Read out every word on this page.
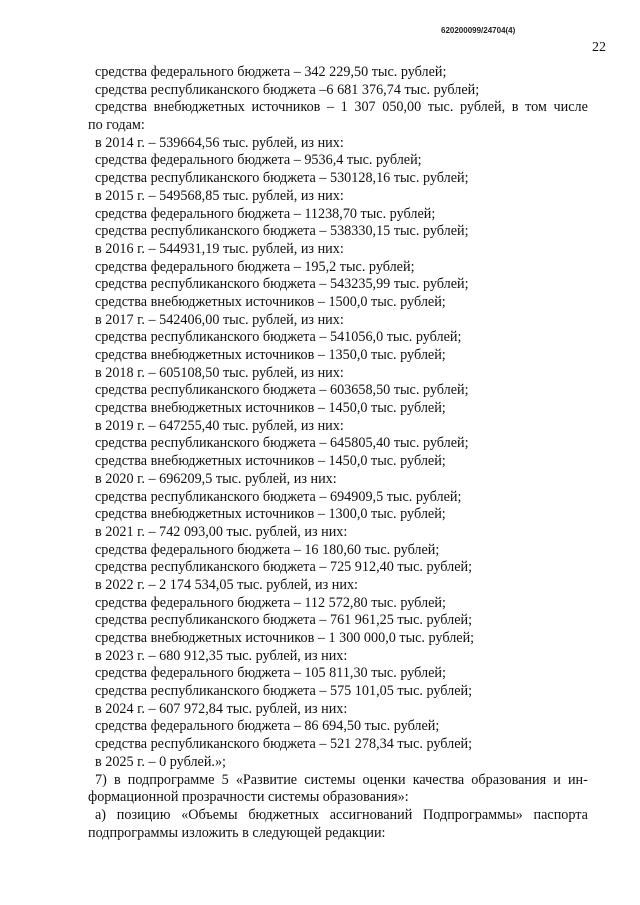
620200099/24704(4)
22
средства федерального бюджета – 342 229,50 тыс. рублей;
средства республиканского бюджета –6 681 376,74 тыс. рублей;
средства внебюджетных источников – 1 307 050,00 тыс. рублей, в том числе
по годам:
в 2014 г. – 539664,56 тыс. рублей, из них:
средства федерального бюджета – 9536,4 тыс. рублей;
средства республиканского бюджета – 530128,16 тыс. рублей;
в 2015 г. – 549568,85 тыс. рублей, из них:
средства федерального бюджета – 11238,70 тыс. рублей;
средства республиканского бюджета – 538330,15 тыс. рублей;
в 2016 г. – 544931,19 тыс. рублей, из них:
средства федерального бюджета – 195,2 тыс. рублей;
средства республиканского бюджета – 543235,99 тыс. рублей;
средства внебюджетных источников – 1500,0 тыс. рублей;
в 2017 г. – 542406,00 тыс. рублей, из них:
средства республиканского бюджета – 541056,0 тыс. рублей;
средства внебюджетных источников – 1350,0 тыс. рублей;
в 2018 г. – 605108,50 тыс. рублей, из них:
средства республиканского бюджета – 603658,50 тыс. рублей;
средства внебюджетных источников – 1450,0 тыс. рублей;
в 2019 г. – 647255,40 тыс. рублей, из них:
средства республиканского бюджета – 645805,40 тыс. рублей;
средства внебюджетных источников – 1450,0 тыс. рублей;
в 2020 г. – 696209,5 тыс. рублей, из них:
средства республиканского бюджета – 694909,5 тыс. рублей;
средства внебюджетных источников – 1300,0 тыс. рублей;
в 2021 г. – 742 093,00 тыс. рублей, из них:
средства федерального бюджета – 16 180,60 тыс. рублей;
средства республиканского бюджета – 725 912,40 тыс. рублей;
в 2022 г. – 2 174 534,05 тыс. рублей, из них:
средства федерального бюджета – 112 572,80 тыс. рублей;
средства республиканского бюджета – 761 961,25 тыс. рублей;
средства внебюджетных источников – 1 300 000,0 тыс. рублей;
в 2023 г. – 680 912,35 тыс. рублей, из них:
средства федерального бюджета – 105 811,30 тыс. рублей;
средства республиканского бюджета – 575 101,05 тыс. рублей;
в 2024 г. – 607 972,84 тыс. рублей, из них:
средства федерального бюджета – 86 694,50 тыс. рублей;
средства республиканского бюджета – 521 278,34 тыс. рублей;
в 2025 г. – 0 рублей.»;
7) в подпрограмме 5 «Развитие системы оценки качества образования и ин-
формационной прозрачности системы образования»:
а) позицию «Объемы бюджетных ассигнований Подпрограммы» паспорта
подпрограммы изложить в следующей редакции:
